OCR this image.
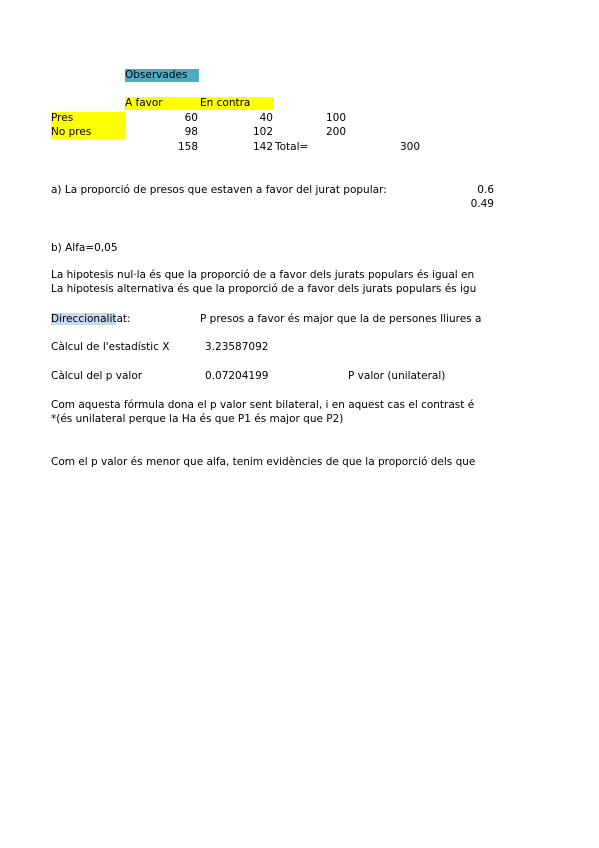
Observades
A favor	En contra
Pres	60	40	100
No pres	98	102	200
158	142 Total=	300
a) La proporció de presos que estaven a favor del jurat popular:	0.6
0.49
b) Alfa=0,05
La hipotesis nul·la és que la proporció de a favor dels jurats populars és igual en
La hipotesis alternativa és que la proporció de a favor dels jurats populars és igu
Direccionalitat:	P presos a favor és major que la de persones lliures a
Càlcul de l'estadístic X	3.23587092
Càlcul del p valor	0.07204199	P valor (unilateral)
Com aquesta fórmula dona el p valor sent bilateral, i en aquest cas el contrast é
*(és unilateral perque la Ha és que P1 és major que P2)
Com el p valor és menor que alfa, tenim evidències de que la proporció dels que
